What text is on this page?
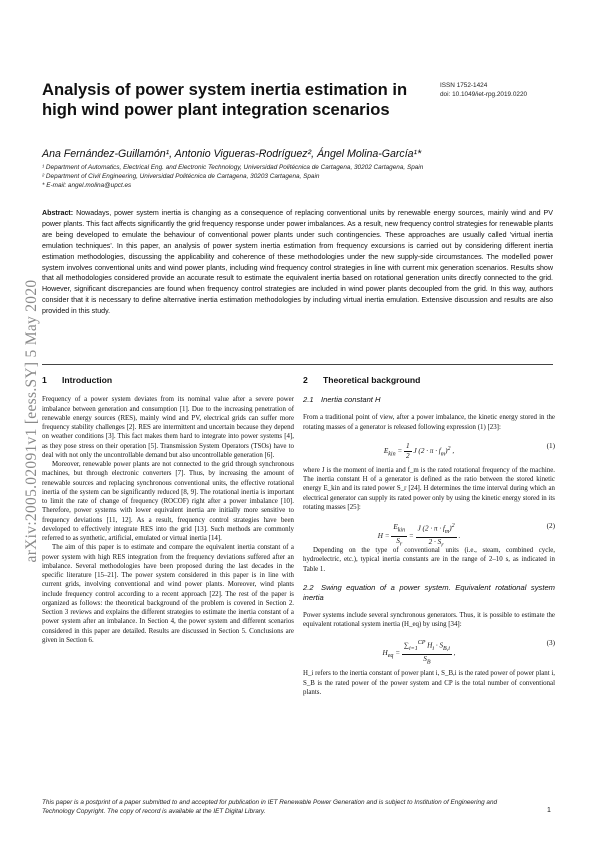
arXiv:2005.02091v1 [eess.SY] 5 May 2020
Analysis of power system inertia estimation in high wind power plant integration scenarios
ISSN 1752-1424
doi: 10.1049/iet-rpg.2019.0220
Ana Fernández-Guillamón¹, Antonio Vigueras-Rodríguez², Ángel Molina-García¹*
¹ Department of Automatics, Electrical Eng. and Electronic Technology, Universidad Politécnica de Cartagena, 30202 Cartagena, Spain
² Department of Civil Engineering, Universidad Politécnica de Cartagena, 30203 Cartagena, Spain
* E-mail: angel.molina@upct.es
Abstract: Nowadays, power system inertia is changing as a consequence of replacing conventional units by renewable energy sources, mainly wind and PV power plants. This fact affects significantly the grid frequency response under power imbalances. As a result, new frequency control strategies for renewable plants are being developed to emulate the behaviour of conventional power plants under such contingencies. These approaches are usually called 'virtual inertia emulation techniques'. In this paper, an analysis of power system inertia estimation from frequency excursions is carried out by considering different inertia estimation methodologies, discussing the applicability and coherence of these methodologies under the new supply-side circumstances. The modelled power system involves conventional units and wind power plants, including wind frequency control strategies in line with current mix generation scenarios. Results show that all methodologies considered provide an accurate result to estimate the equivalent inertia based on rotational generation units directly connected to the grid. However, significant discrepancies are found when frequency control strategies are included in wind power plants decoupled from the grid. In this way, authors consider that it is necessary to define alternative inertia estimation methodologies by including virtual inertia emulation. Extensive discussion and results are also provided in this study.
1 Introduction

Frequency of a power system deviates from its nominal value after a severe power imbalance between generation and consumption [1]. Due to the increasing penetration of renewable energy sources (RES), mainly wind and PV, electrical grids can suffer more frequency stability challenges [2]. RES are intermittent and uncertain because they depend on weather conditions [3]. This fact makes them hard to integrate into power systems [4], as they pose stress on their operation [5]. Transmission System Operators (TSOs) have to deal with not only the uncontrollable demand but also uncontrollable generation [6].

Moreover, renewable power plants are not connected to the grid through synchronous machines, but through electronic converters [7]. Thus, by increasing the amount of renewable sources and replacing synchronous conventional units, the effective rotational inertia of the system can be significantly reduced [8, 9]. The rotational inertia is important to limit the rate of change of frequency (ROCOF) right after a power imbalance [10]. Therefore, power systems with lower equivalent inertia are initially more sensitive to frequency deviations [11, 12]. As a result, frequency control strategies have been developed to effectively integrate RES into the grid [13]. Such methods are commonly referred to as synthetic, artificial, emulated or virtual inertia [14].

The aim of this paper is to estimate and compare the equivalent inertia constant of a power system with high RES integration from the frequency deviations suffered after an imbalance. Several methodologies have been proposed during the last decades in the specific literature [15–21]. The power system considered in this paper is in line with current grids, involving conventional and wind power plants. Moreover, wind plants include frequency control according to a recent approach [22]. The rest of the paper is organized as follows: the theoretical background of the problem is covered in Section 2. Section 3 reviews and explains the different strategies to estimate the inertia constant of a power system after an imbalance. In Section 4, the power system and different scenarios considered in this paper are detailed. Results are discussed in Section 5. Conclusions are given in Section 6.

2 Theoretical background
2.1 Inertia constant H

From a traditional point of view, after a power imbalance, the kinetic energy stored in the rotating masses of a generator is released following expression (1) [23]:

$E_{kin} = \frac{1}{2}$ J $(2 \cdot \pi \cdot f_m)^2$ ,
(1)

where J is the moment of inertia and f_m is the rated rotational frequency of the machine. The inertia constant H of a generator is defined as the ratio between the stored kinetic energy E_kin and its rated power S_r [24]. H determines the time interval during which an electrical generator can supply its rated power only by using the kinetic energy stored in its rotating masses [25]:

$H = \frac{E_{kin}}{S_r} = \frac{J (2 \cdot \pi \cdot f_m)^2}{2 \cdot S_r}$ .
(2)

Depending on the type of conventional units (i.e., steam, combined cycle, hydroelectric, etc.), typical inertia constants are in the range of 2–10 s, as indicated in Table 1.

2.2 Swing equation of a power system. Equivalent rotational system inertia

Power systems include several synchronous generators. Thus, it is possible to estimate the equivalent rotational system inertia (H_eq) by using [34]:

$H_{eq} = \frac{\sum_{i=1}^{CP} H_i \cdot S_{B,i}}{S_B}$ ,
(3)

H_i refers to the inertia constant of power plant i, S_B,i is the rated power of power plant i, S_B is the rated power of the power system and CP is the total number of conventional plants.

This paper is a postprint of a paper submitted to and accepted for publication in IET Renewable Power Generation and is subject to Institution of Engineering and Technology Copyright. The copy of record is available at the IET Digital Library.	1
